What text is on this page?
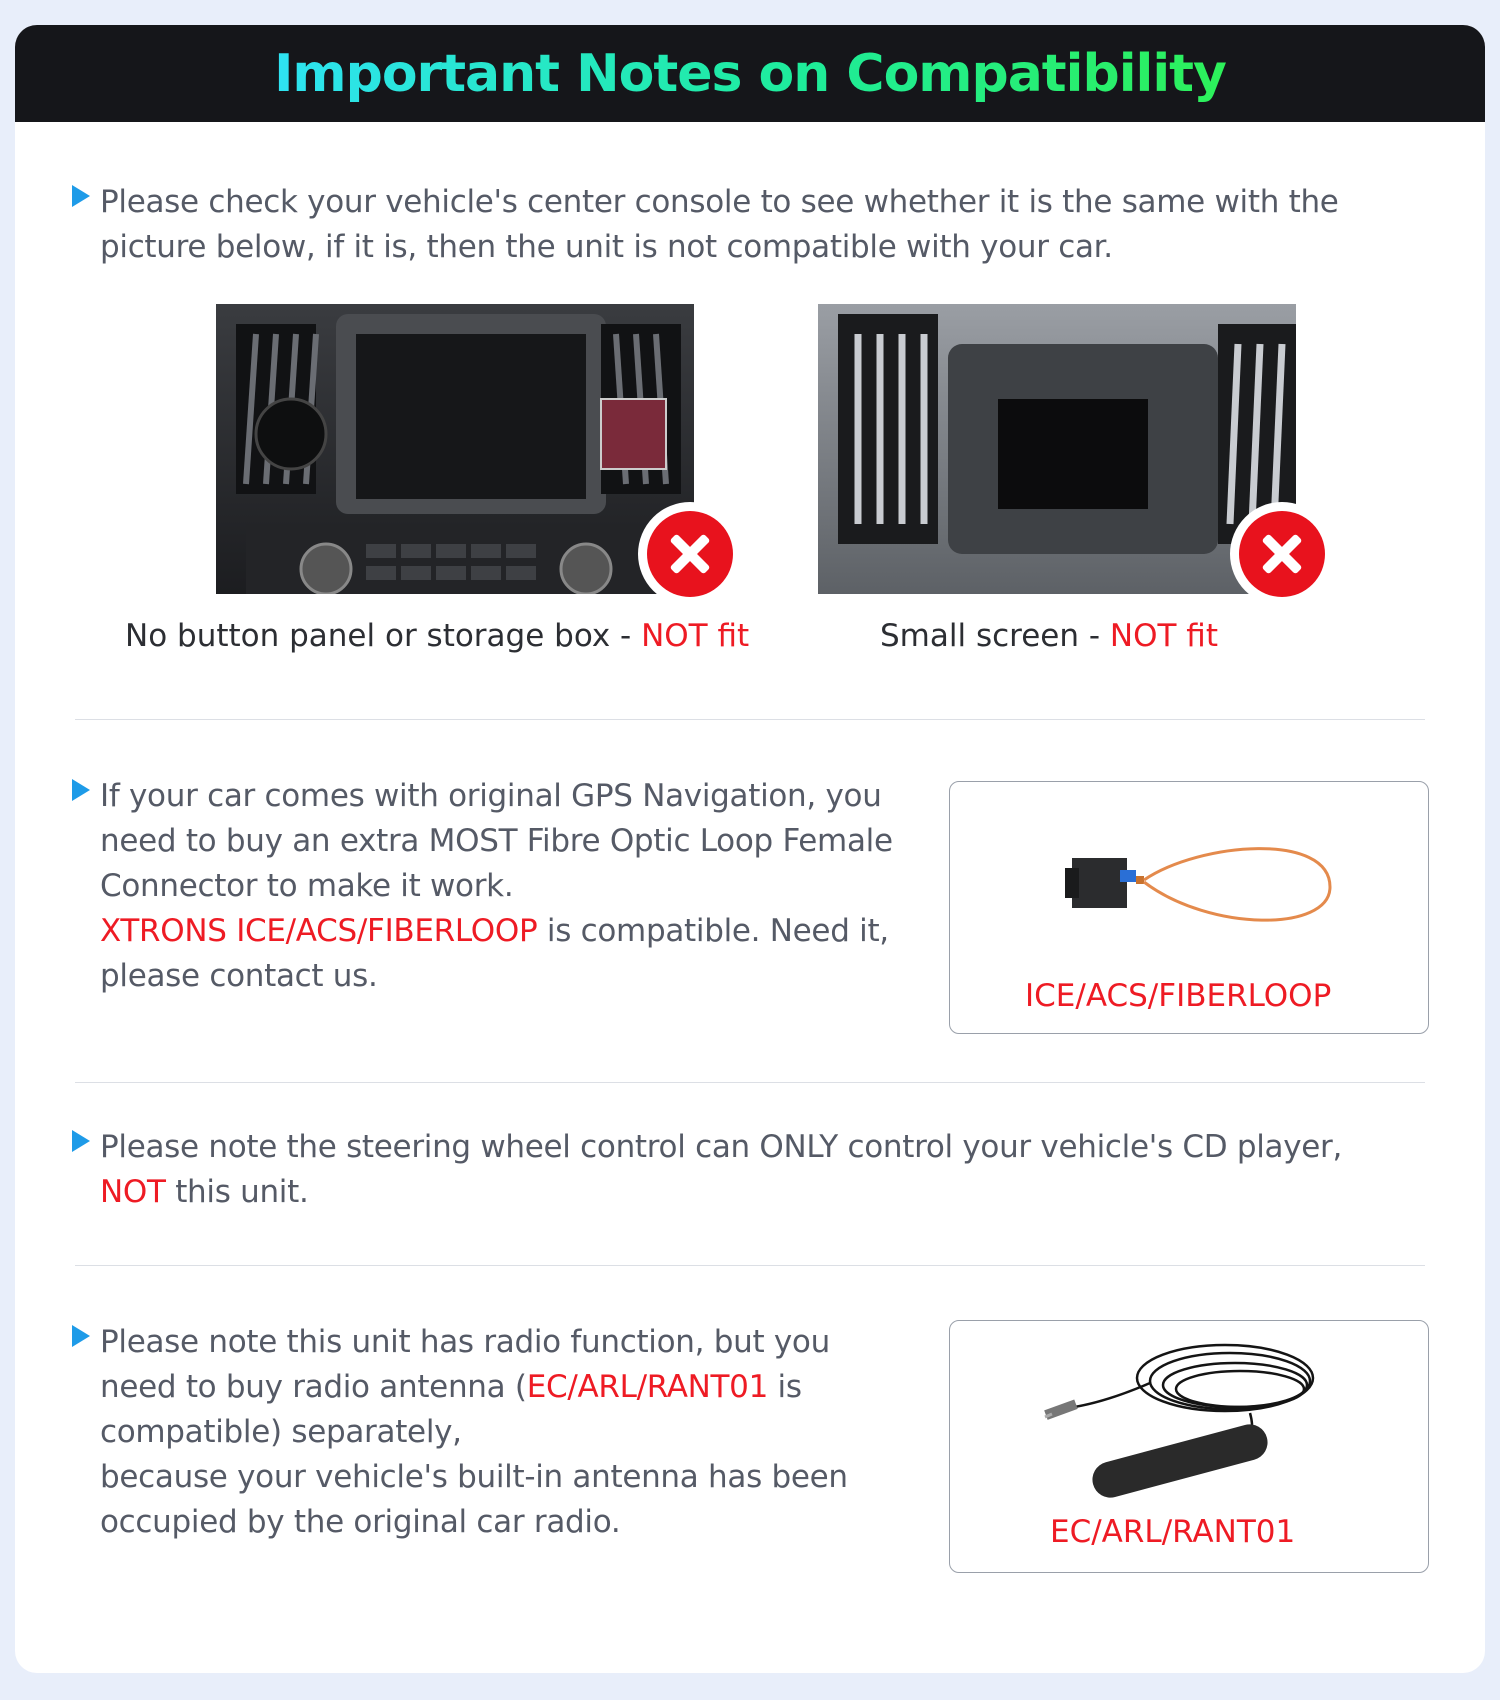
Important Notes on Compatibility
Please check your vehicle's center console to see whether it is the same with the picture below, if it is, then the unit is not compatible with your car.
No button panel or storage box - NOT fit	Small screen - NOT fit
If your car comes with original GPS Navigation, you need to buy an extra MOST Fibre Optic Loop Female Connector to make it work.
XTRONS ICE/ACS/FIBERLOOP is compatible. Need it, please contact us.
ICE/ACS/FIBERLOOP
Please note the steering wheel control can ONLY control your vehicle's CD player,
NOT this unit.
Please note this unit has radio function, but you need to buy radio antenna (EC/ARL/RANT01 is compatible) separately,
because your vehicle's built-in antenna has been occupied by the original car radio.	EC/ARL/RANT01
